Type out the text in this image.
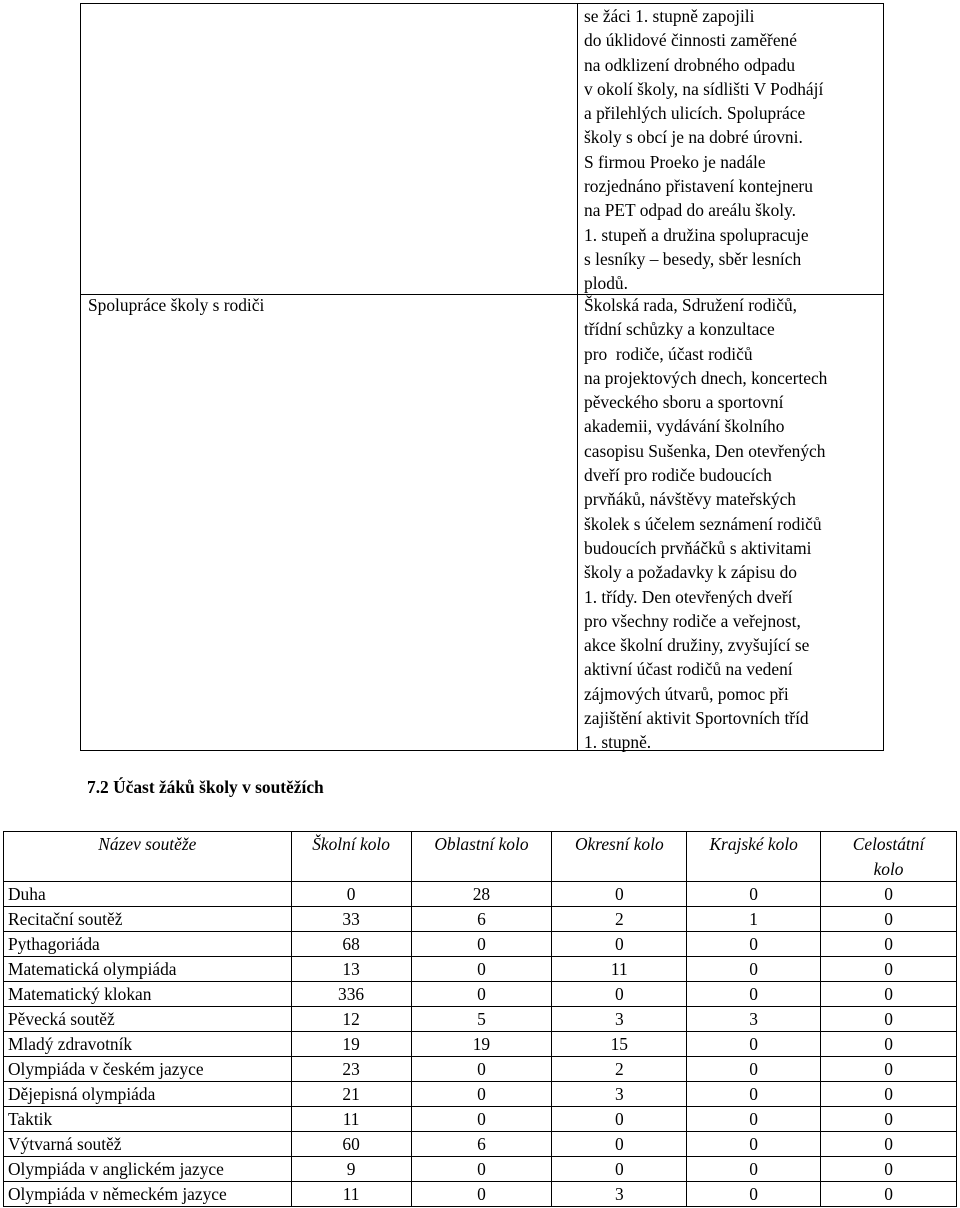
se žáci 1. stupně zapojili
do úklidové činnosti zaměřené
na odklizení drobného odpadu
v okolí školy, na sídlišti V Podhájí
a přilehlých ulicích. Spolupráce
školy s obcí je na dobré úrovni.
S firmou Proeko je nadále
rozjednáno přistavení kontejneru
na PET odpad do areálu školy.
1. stupeň a družina spolupracuje
s lesníky – besedy, sběr lesních
plodů.
Spolupráce školy s rodiči	Školská rada, Sdružení rodičů,
třídní schůzky a konzultace
pro  rodiče, účast rodičů
na projektových dnech, koncertech
pěveckého sboru a sportovní
akademii, vydávání školního
casopisu Sušenka, Den otevřených
dveří pro rodiče budoucích
prvňáků, návštěvy mateřských
školek s účelem seznámení rodičů
budoucích prvňáčků s aktivitami
školy a požadavky k zápisu do
1. třídy. Den otevřených dveří
pro všechny rodiče a veřejnost,
akce školní družiny, zvyšující se
aktivní účast rodičů na vedení
zájmových útvarů, pomoc při
zajištění aktivit Sportovních tříd
1. stupně.
7.2 Účast žáků školy v soutěžích
Název soutěže	Školní kolo	Oblastní kolo	Okresní kolo	Krajské kolo	Celostátní
kolo
Duha	0	28	0	0	0
Recitační soutěž	33	6	2	1	0
Pythagoriáda	68	0	0	0	0
Matematická olympiáda	13	0	11	0	0
Matematický klokan	336	0	0	0	0
Pěvecká soutěž	12	5	3	3	0
Mladý zdravotník	19	19	15	0	0
Olympiáda v českém jazyce	23	0	2	0	0
Dějepisná olympiáda	21	0	3	0	0
Taktik	11	0	0	0	0
Výtvarná soutěž	60	6	0	0	0
Olympiáda v anglickém jazyce	9	0	0	0	0
Olympiáda v německém jazyce	11	0	3	0	0
